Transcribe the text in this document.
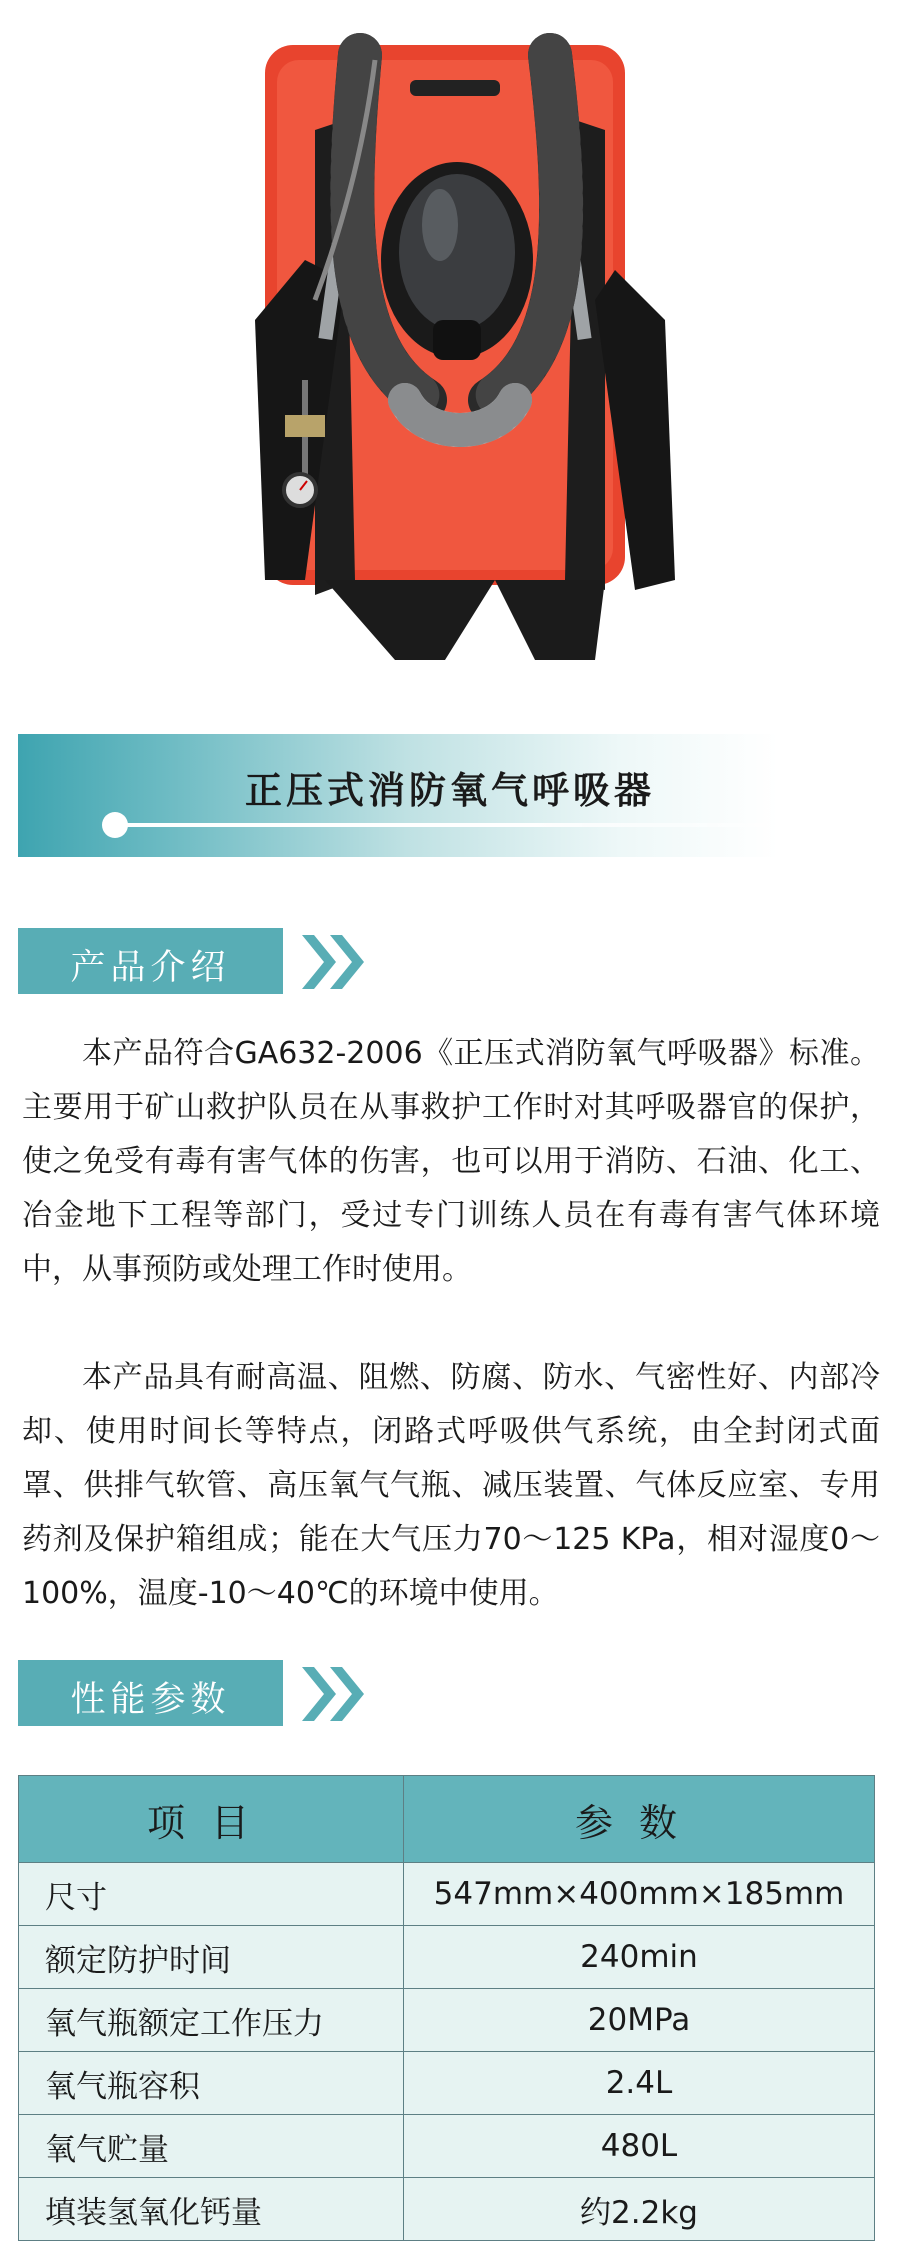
正压式消防氧气呼吸器
产品介绍
本产品符合GA632-2006《正压式消防氧气呼吸器》标准。主要用于矿山救护队员在从事救护工作时对其呼吸器官的保护，使之免受有毒有害气体的伤害，也可以用于消防、石油、化工、冶金地下工程等部门，受过专门训练人员在有毒有害气体环境中，从事预防或处理工作时使用。
本产品具有耐高温、阻燃、防腐、防水、气密性好、内部冷却、使用时间长等特点，闭路式呼吸供气系统，由全封闭式面罩、供排气软管、高压氧气气瓶、减压装置、气体反应室、专用药剂及保护箱组成；能在大气压力70～125 KPa，相对湿度0～100%，温度-10～40℃的环境中使用。
性能参数
项目	参数
尺寸	547mm×400mm×185mm
额定防护时间	240min
氧气瓶额定工作压力	20MPa
氧气瓶容积	2.4L
氧气贮量	480L
填装氢氧化钙量	约2.2kg
